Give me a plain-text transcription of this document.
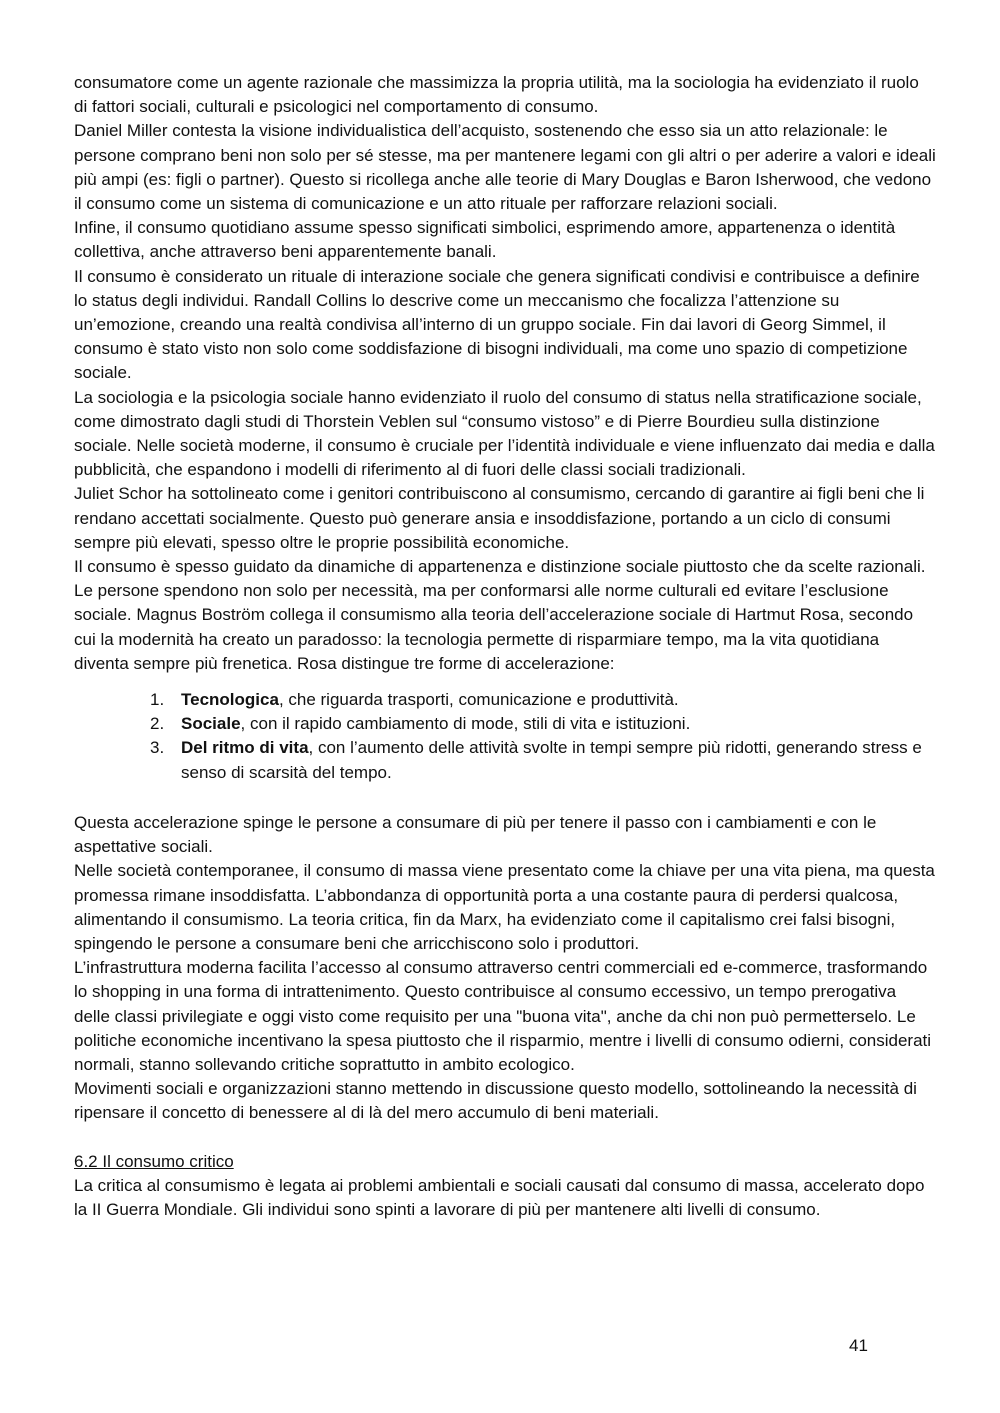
consumatore come un agente razionale che massimizza la propria utilità, ma la sociologia ha evidenziato il ruolo di fattori sociali, culturali e psicologici nel comportamento di consumo.

Daniel Miller contesta la visione individualistica dell’acquisto, sostenendo che esso sia un atto relazionale: le persone comprano beni non solo per sé stesse, ma per mantenere legami con gli altri o per aderire a valori e ideali più ampi (es: figli o partner). Questo si ricollega anche alle teorie di Mary Douglas e Baron Isherwood, che vedono il consumo come un sistema di comunicazione e un atto rituale per rafforzare relazioni sociali.

Infine, il consumo quotidiano assume spesso significati simbolici, esprimendo amore, appartenenza o identità collettiva, anche attraverso beni apparentemente banali.

Il consumo è considerato un rituale di interazione sociale che genera significati condivisi e contribuisce a definire lo status degli individui. Randall Collins lo descrive come un meccanismo che focalizza l’attenzione su un’emozione, creando una realtà condivisa all’interno di un gruppo sociale. Fin dai lavori di Georg Simmel, il consumo è stato visto non solo come soddisfazione di bisogni individuali, ma come uno spazio di competizione sociale.

La sociologia e la psicologia sociale hanno evidenziato il ruolo del consumo di status nella stratificazione sociale, come dimostrato dagli studi di Thorstein Veblen sul “consumo vistoso” e di Pierre Bourdieu sulla distinzione sociale. Nelle società moderne, il consumo è cruciale per l’identità individuale e viene influenzato dai media e dalla pubblicità, che espandono i modelli di riferimento al di fuori delle classi sociali tradizionali.

Juliet Schor ha sottolineato come i genitori contribuiscono al consumismo, cercando di garantire ai figli beni che li rendano accettati socialmente. Questo può generare ansia e insoddisfazione, portando a un ciclo di consumi sempre più elevati, spesso oltre le proprie possibilità economiche.

Il consumo è spesso guidato da dinamiche di appartenenza e distinzione sociale piuttosto che da scelte razionali. Le persone spendono non solo per necessità, ma per conformarsi alle norme culturali ed evitare l’esclusione sociale. Magnus Boström collega il consumismo alla teoria dell’accelerazione sociale di Hartmut Rosa, secondo cui la modernità ha creato un paradosso: la tecnologia permette di risparmiare tempo, ma la vita quotidiana diventa sempre più frenetica. Rosa distingue tre forme di accelerazione:

1. Tecnologica, che riguarda trasporti, comunicazione e produttività.
2. Sociale, con il rapido cambiamento di mode, stili di vita e istituzioni.
3. Del ritmo di vita, con l’aumento delle attività svolte in tempi sempre più ridotti, generando stress e senso di scarsità del tempo.

Questa accelerazione spinge le persone a consumare di più per tenere il passo con i cambiamenti e con le aspettative sociali.

Nelle società contemporanee, il consumo di massa viene presentato come la chiave per una vita piena, ma questa promessa rimane insoddisfatta. L’abbondanza di opportunità porta a una costante paura di perdersi qualcosa, alimentando il consumismo. La teoria critica, fin da Marx, ha evidenziato come il capitalismo crei falsi bisogni, spingendo le persone a consumare beni che arricchiscono solo i produttori.

L’infrastruttura moderna facilita l’accesso al consumo attraverso centri commerciali ed e-commerce, trasformando lo shopping in una forma di intrattenimento. Questo contribuisce al consumo eccessivo, un tempo prerogativa delle classi privilegiate e oggi visto come requisito per una "buona vita", anche da chi non può permetterselo. Le politiche economiche incentivano la spesa piuttosto che il risparmio, mentre i livelli di consumo odierni, considerati normali, stanno sollevando critiche soprattutto in ambito ecologico.

Movimenti sociali e organizzazioni stanno mettendo in discussione questo modello, sottolineando la necessità di ripensare il concetto di benessere al di là del mero accumulo di beni materiali.

6.2 Il consumo critico

La critica al consumismo è legata ai problemi ambientali e sociali causati dal consumo di massa, accelerato dopo la II Guerra Mondiale. Gli individui sono spinti a lavorare di più per mantenere alti livelli di consumo.

41
